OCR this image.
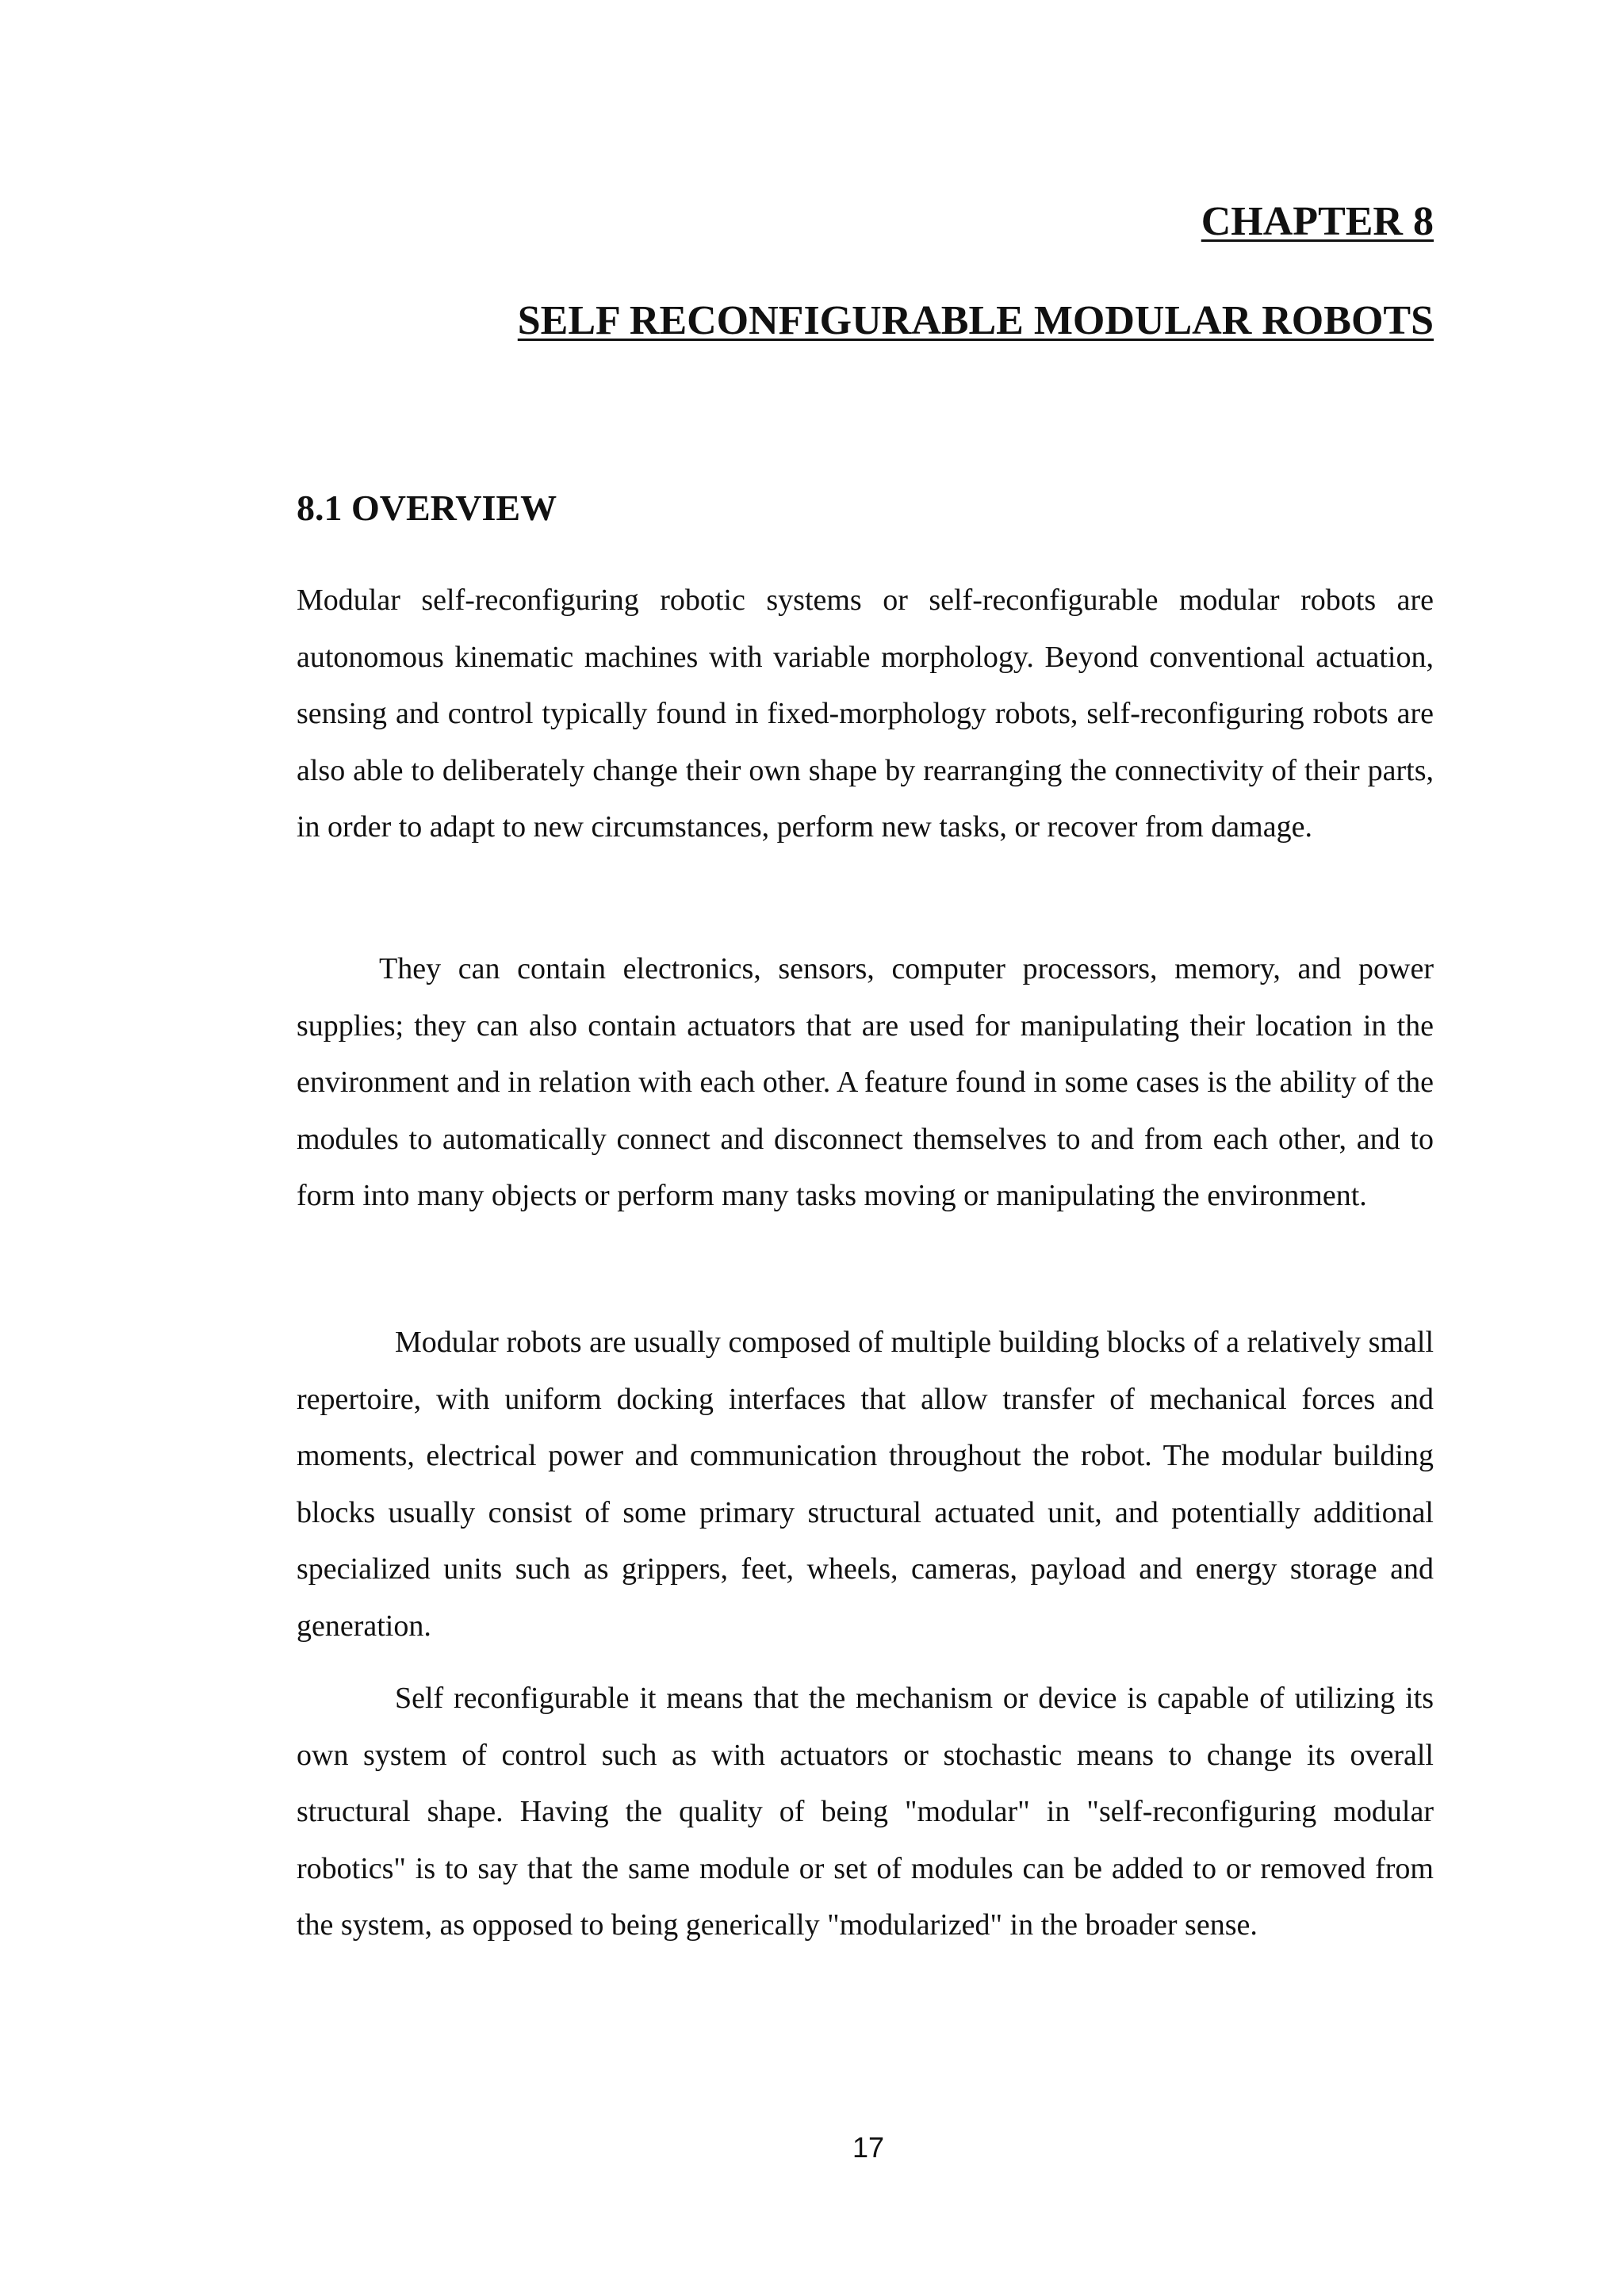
CHAPTER 8
SELF RECONFIGURABLE MODULAR ROBOTS
8.1 OVERVIEW

Modular self-reconfiguring robotic systems or self-reconfigurable modular robots are autonomous kinematic machines with variable morphology. Beyond conventional actuation, sensing and control typically found in fixed-morphology robots, self-reconfiguring robots are also able to deliberately change their own shape by rearranging the connectivity of their parts, in order to adapt to new circumstances, perform new tasks, or recover from damage.

They can contain electronics, sensors, computer processors, memory, and power supplies; they can also contain actuators that are used for manipulating their location in the environment and in relation with each other. A feature found in some cases is the ability of the modules to automatically connect and disconnect themselves to and from each other, and to form into many objects or perform many tasks moving or manipulating the environment.

Modular robots are usually composed of multiple building blocks of a relatively small repertoire, with uniform docking interfaces that allow transfer of mechanical forces and moments, electrical power and communication throughout the robot. The modular building blocks usually consist of some primary structural actuated unit, and potentially additional specialized units such as grippers, feet, wheels, cameras, payload and energy storage and generation.

Self reconfigurable it means that the mechanism or device is capable of utilizing its own system of control such as with actuators or stochastic means to change its overall structural shape. Having the quality of being "modular" in "self-reconfiguring modular robotics" is to say that the same module or set of modules can be added to or removed from the system, as opposed to being generically "modularized" in the broader sense.

17
